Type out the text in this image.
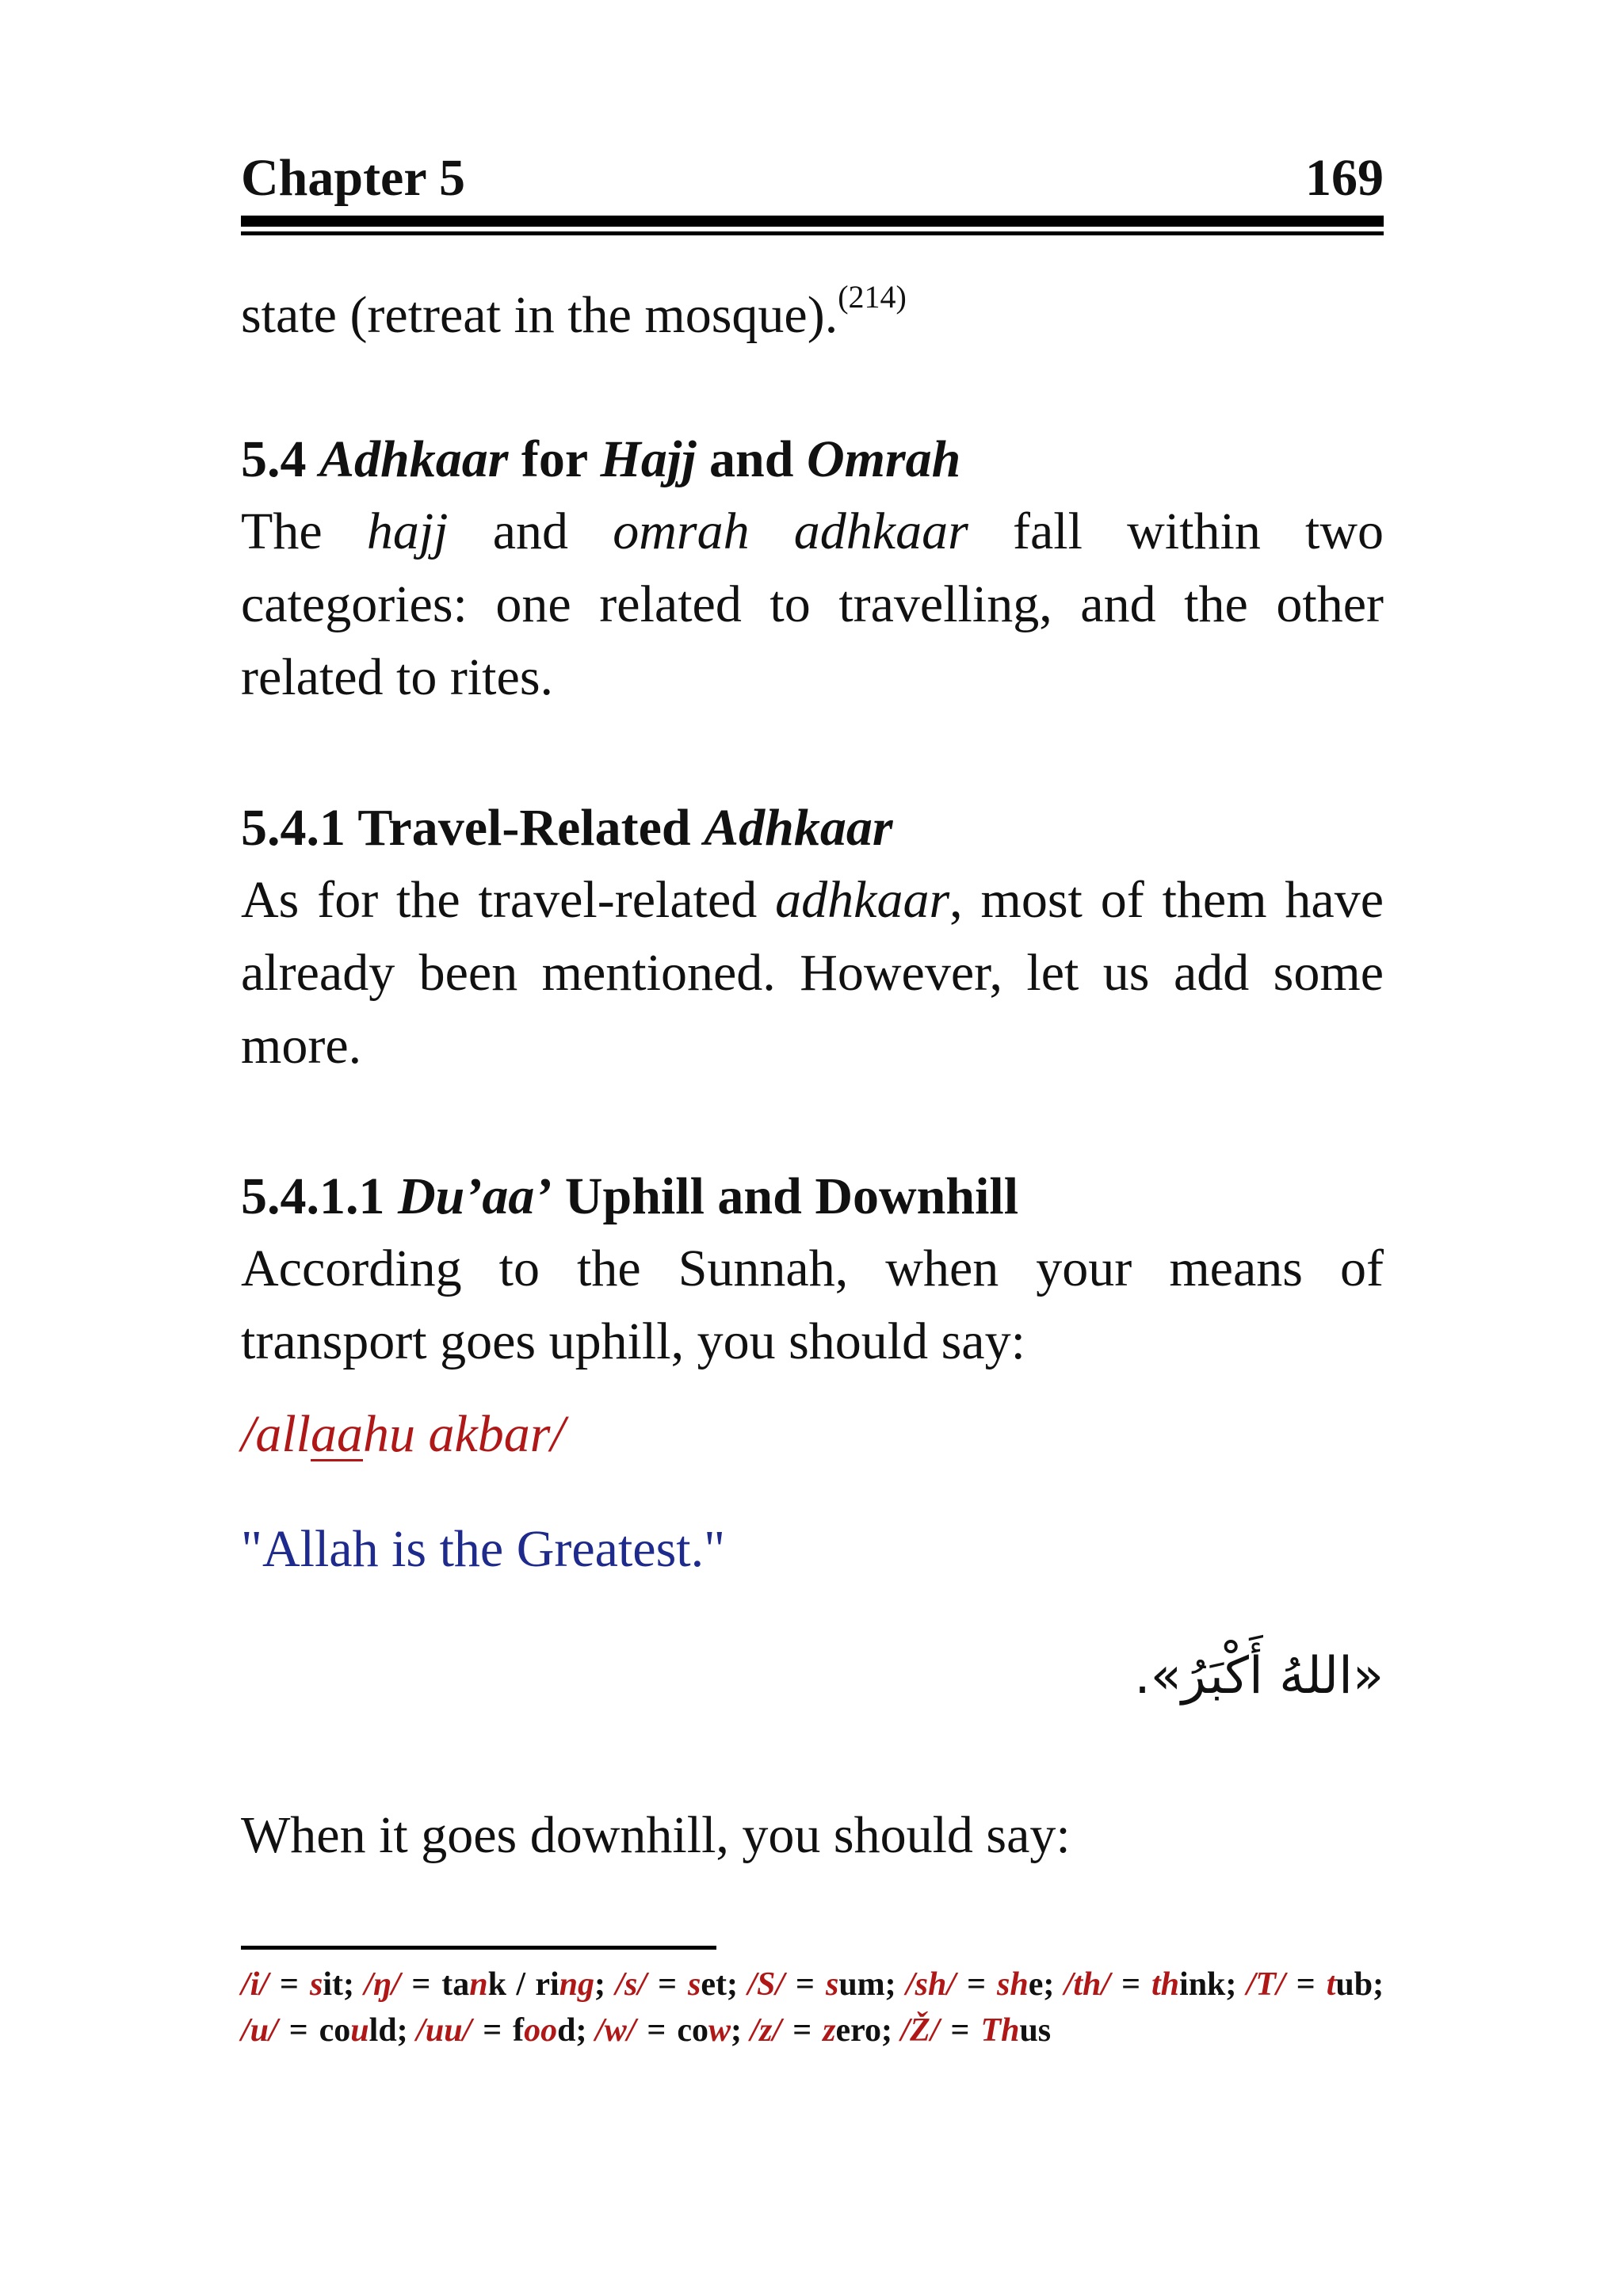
Chapter 5	169

state (retreat in the mosque).$^{(214)}$

5.4 Adhkaar for Hajj and Omrah

The hajj and omrah adhkaar fall within two categories: one related to travelling, and the other related to rites.

5.4.1 Travel-Related Adhkaar

As for the travel-related adhkaar, most of them have already been mentioned. However, let us add some more.

5.4.1.1 Du’aa’ Uphill and Downhill

According to the Sunnah, when your means of transport goes uphill, you should say:

/allaahu akbar/
"Allah is the Greatest."
«اللهُ أَكْبَرُ».

When it goes downhill, you should say:

/i/ = sit; /ŋ/ = tank / ring; /s/ = set; /S/ = sum; /sh/ = she; /th/ = think; /T/ = tub; /u/ = could; /uu/ = food; /w/ = cow; /z/ = zero; /Ž/ = Thus
